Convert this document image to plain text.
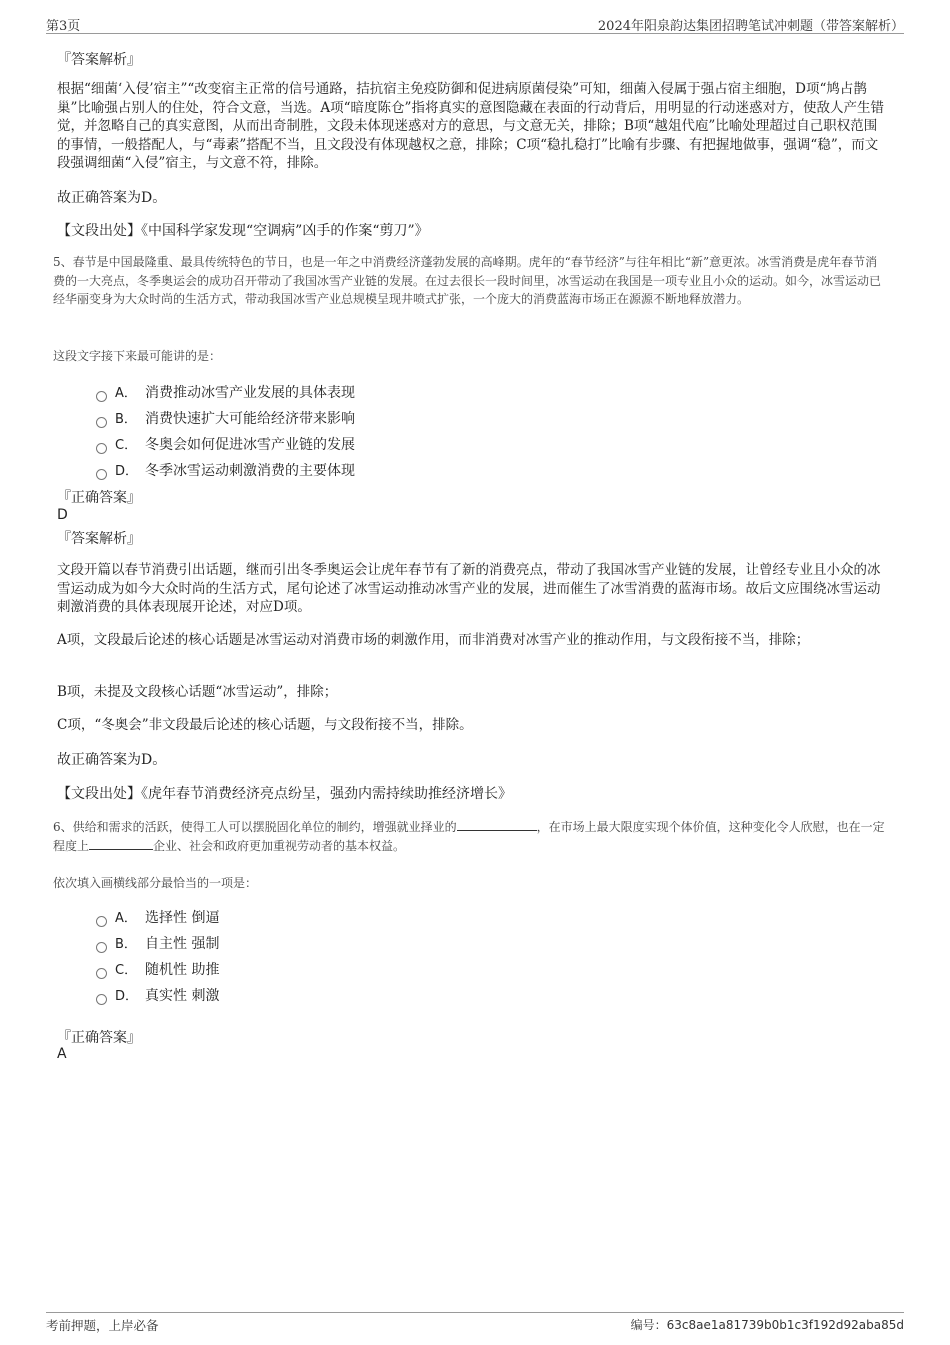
第3页	2024年阳泉韵达集团招聘笔试冲刺题（带答案解析）
『答案解析』
根据“细菌‘入侵’宿主”“改变宿主正常的信号通路，拮抗宿主免疫防御和促进病原菌侵染”可知，细菌入侵属于强占宿主细胞，D项“鸠占鹊巢”比喻强占别人的住处，符合文意，当选。A项“暗度陈仓”指将真实的意图隐藏在表面的行动背后，用明显的行动迷惑对方，使敌人产生错觉，并忽略自己的真实意图，从而出奇制胜，文段未体现迷惑对方的意思，与文意无关，排除；B项“越俎代庖”比喻处理超过自己职权范围的事情，一般搭配人，与“毒素”搭配不当，且文段没有体现越权之意，排除；C项“稳扎稳打”比喻有步骤、有把握地做事，强调“稳”，而文段强调细菌“入侵”宿主，与文意不符，排除。
故正确答案为D。
【文段出处】《中国科学家发现“空调病”凶手的作案“剪刀”》
5、春节是中国最隆重、最具传统特色的节日，也是一年之中消费经济蓬勃发展的高峰期。虎年的“春节经济”与往年相比“新”意更浓。冰雪消费是虎年春节消费的一大亮点，冬季奥运会的成功召开带动了我国冰雪产业链的发展。在过去很长一段时间里，冰雪运动在我国是一项专业且小众的运动。如今，冰雪运动已经华丽变身为大众时尚的生活方式，带动我国冰雪产业总规模呈现井喷式扩张，一个庞大的消费蓝海市场正在源源不断地释放潜力。
这段文字接下来最可能讲的是：
A． 消费推动冰雪产业发展的具体表现
B． 消费快速扩大可能给经济带来影响
C． 冬奥会如何促进冰雪产业链的发展
D． 冬季冰雪运动刺激消费的主要体现
『正确答案』
D
『答案解析』
文段开篇以春节消费引出话题，继而引出冬季奥运会让虎年春节有了新的消费亮点，带动了我国冰雪产业链的发展，让曾经专业且小众的冰雪运动成为如今大众时尚的生活方式，尾句论述了冰雪运动推动冰雪产业的发展，进而催生了冰雪消费的蓝海市场。故后文应围绕冰雪运动刺激消费的具体表现展开论述，对应D项。
A项，文段最后论述的核心话题是冰雪运动对消费市场的刺激作用，而非消费对冰雪产业的推动作用，与文段衔接不当，排除；
B项，未提及文段核心话题“冰雪运动”，排除；
C项，“冬奥会”非文段最后论述的核心话题，与文段衔接不当，排除。
故正确答案为D。
【文段出处】《虎年春节消费经济亮点纷呈，强劲内需持续助推经济增长》
6、供给和需求的活跃，使得工人可以摆脱固化单位的制约，增强就业择业的	，在市场上最大限度实现个体价值，这种变化令人欣慰，也在一定程度上	企业、社会和政府更加重视劳动者的基本权益。
依次填入画横线部分最恰当的一项是：
A． 选择性 倒逼
B． 自主性 强制
C． 随机性 助推
D． 真实性 刺激
『正确答案』
A
考前押题，上岸必备	编号：63c8ae1a81739b0b1c3f192d92aba85d
